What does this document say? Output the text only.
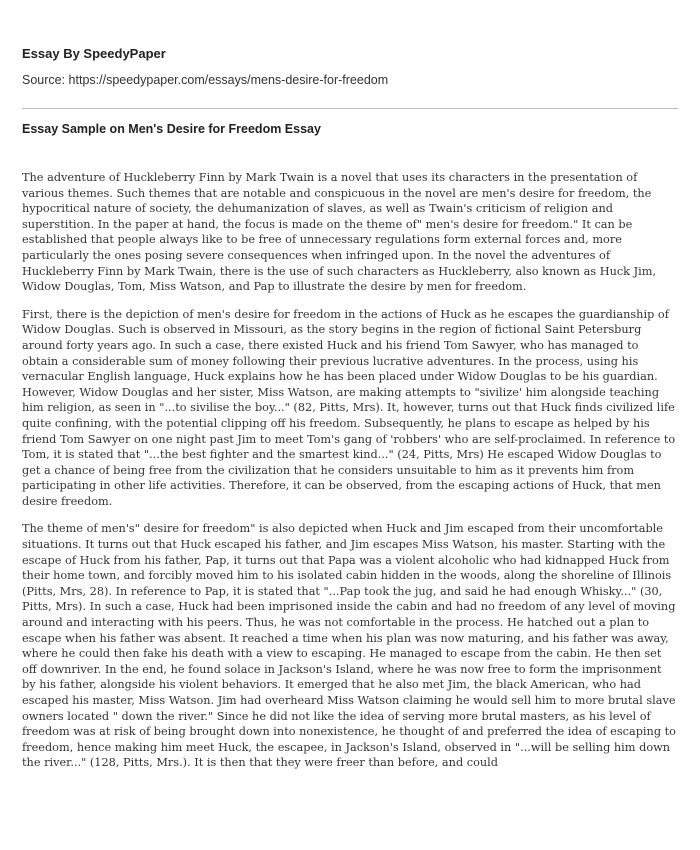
Essay By SpeedyPaper

Source: https://speedypaper.com/essays/mens-desire-for-freedom

Essay Sample on Men's Desire for Freedom Essay

The adventure of Huckleberry Finn by Mark Twain is a novel that uses its characters in the presentation of various themes. Such themes that are notable and conspicuous in the novel are men's desire for freedom, the hypocritical nature of society, the dehumanization of slaves, as well as Twain's criticism of religion and superstition. In the paper at hand, the focus is made on the theme of" men's desire for freedom." It can be established that people always like to be free of unnecessary regulations form external forces and, more particularly the ones posing severe consequences when infringed upon. In the novel the adventures of Huckleberry Finn by Mark Twain, there is the use of such characters as Huckleberry, also known as Huck Jim, Widow Douglas, Tom, Miss Watson, and Pap to illustrate the desire by men for freedom.

First, there is the depiction of men's desire for freedom in the actions of Huck as he escapes the guardianship of Widow Douglas. Such is observed in Missouri, as the story begins in the region of fictional Saint Petersburg around forty years ago. In such a case, there existed Huck and his friend Tom Sawyer, who has managed to obtain a considerable sum of money following their previous lucrative adventures. In the process, using his vernacular English language, Huck explains how he has been placed under Widow Douglas to be his guardian. However, Widow Douglas and her sister, Miss Watson, are making attempts to "sivilize' him alongside teaching him religion, as seen in "...to sivilise the boy..." (82, Pitts, Mrs). It, however, turns out that Huck finds civilized life quite confining, with the potential clipping off his freedom. Subsequently, he plans to escape as helped by his friend Tom Sawyer on one night past Jim to meet Tom's gang of 'robbers' who are self-proclaimed. In reference to Tom, it is stated that "...the best fighter and the smartest kind..." (24, Pitts, Mrs) He escaped Widow Douglas to get a chance of being free from the civilization that he considers unsuitable to him as it prevents him from participating in other life activities. Therefore, it can be observed, from the escaping actions of Huck, that men desire freedom.

The theme of men's" desire for freedom" is also depicted when Huck and Jim escaped from their uncomfortable situations. It turns out that Huck escaped his father, and Jim escapes Miss Watson, his master. Starting with the escape of Huck from his father, Pap, it turns out that Papa was a violent alcoholic who had kidnapped Huck from their home town, and forcibly moved him to his isolated cabin hidden in the woods, along the shoreline of Illinois (Pitts, Mrs, 28). In reference to Pap, it is stated that "...Pap took the jug, and said he had enough Whisky..." (30, Pitts, Mrs). In such a case, Huck had been imprisoned inside the cabin and had no freedom of any level of moving around and interacting with his peers. Thus, he was not comfortable in the process. He hatched out a plan to escape when his father was absent. It reached a time when his plan was now maturing, and his father was away, where he could then fake his death with a view to escaping. He managed to escape from the cabin. He then set off downriver. In the end, he found solace in Jackson's Island, where he was now free to form the imprisonment by his father, alongside his violent behaviors. It emerged that he also met Jim, the black American, who had escaped his master, Miss Watson. Jim had overheard Miss Watson claiming he would sell him to more brutal slave owners located " down the river." Since he did not like the idea of serving more brutal masters, as his level of freedom was at risk of being brought down into nonexistence, he thought of and preferred the idea of escaping to freedom, hence making him meet Huck, the escapee, in Jackson's Island, observed in "...will be selling him down the river..." (128, Pitts, Mrs.). It is then that they were freer than before, and could
